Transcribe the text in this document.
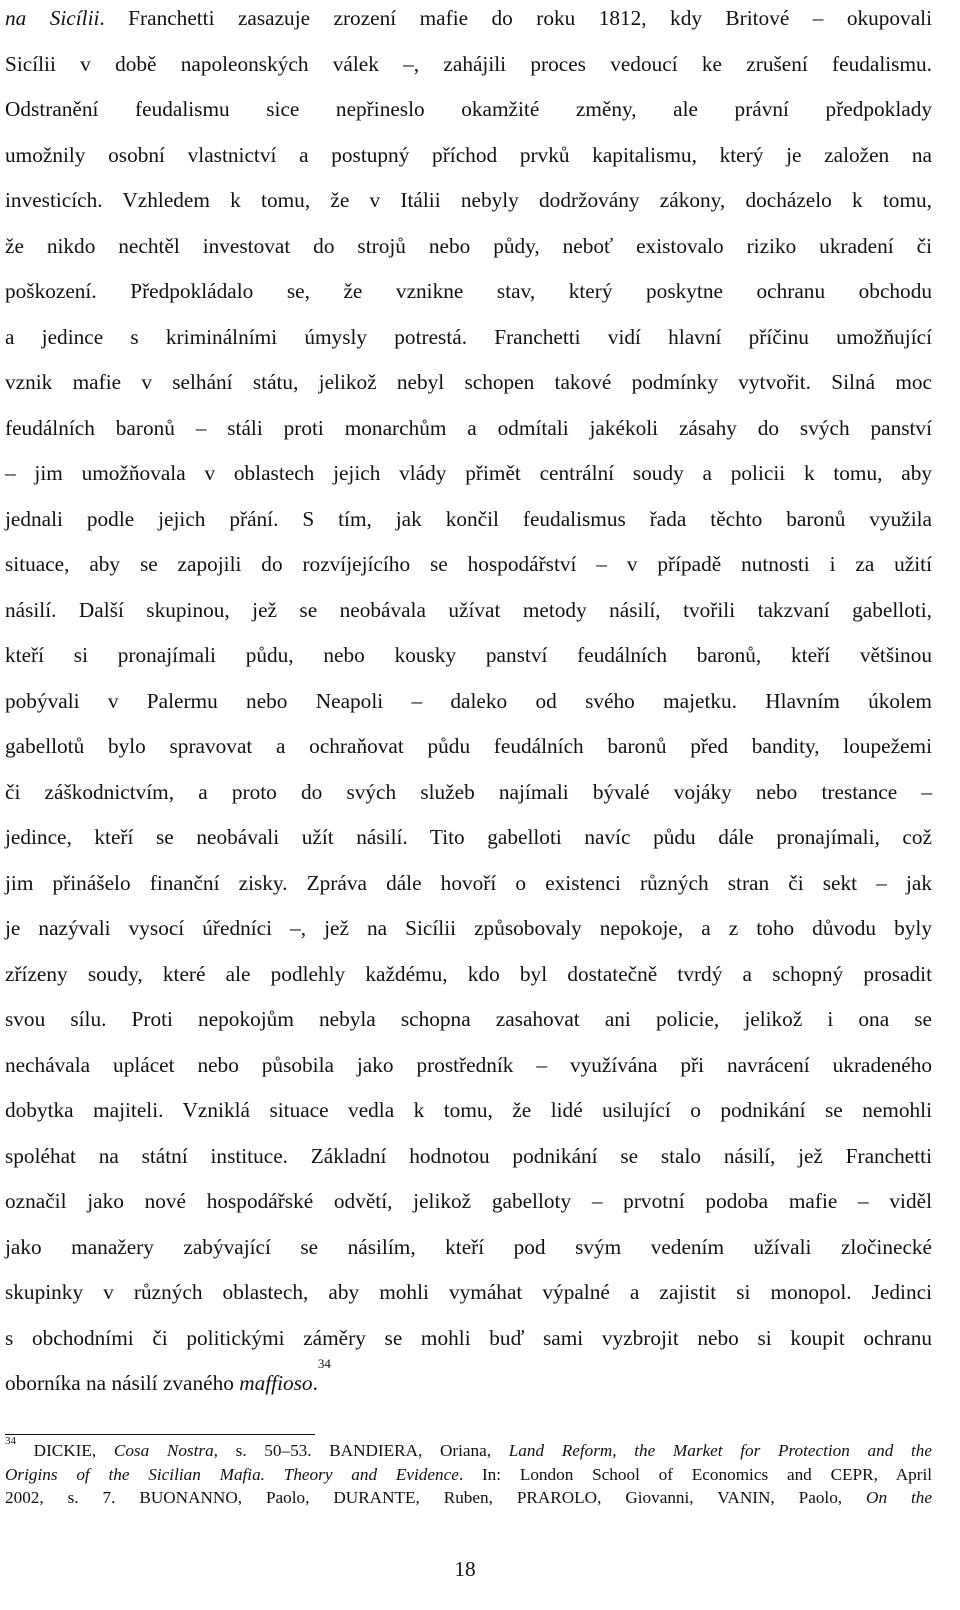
na Sicílii. Franchetti zasazuje zrození mafie do roku 1812, kdy Britové – okupovali
Sicílii v době napoleonských válek –, zahájili proces vedoucí ke zrušení feudalismu.
Odstranění feudalismu sice nepřineslo okamžité změny, ale právní předpoklady
umožnily osobní vlastnictví a postupný příchod prvků kapitalismu, který je založen na
investicích. Vzhledem k tomu, že v Itálii nebyly dodržovány zákony, docházelo k tomu,
že nikdo nechtěl investovat do strojů nebo půdy, neboť existovalo riziko ukradení či
poškození. Předpokládalo se, že vznikne stav, který poskytne ochranu obchodu
a jedince s kriminálními úmysly potrestá. Franchetti vidí hlavní příčinu umožňující
vznik mafie v selhání státu, jelikož nebyl schopen takové podmínky vytvořit. Silná moc
feudálních baronů – stáli proti monarchům a odmítali jakékoli zásahy do svých panství
– jim umožňovala v oblastech jejich vlády přimět centrální soudy a policii k tomu, aby
jednali podle jejich přání. S tím, jak končil feudalismus řada těchto baronů využila
situace, aby se zapojili do rozvíjejícího se hospodářství – v případě nutnosti i za užití
násilí. Další skupinou, jež se neobávala užívat metody násilí, tvořili takzvaní gabelloti,
kteří si pronajímali půdu, nebo kousky panství feudálních baronů, kteří většinou
pobývali v Palermu nebo Neapoli – daleko od svého majetku. Hlavním úkolem
gabellotů bylo spravovat a ochraňovat půdu feudálních baronů před bandity, loupežemi
či záškodnictvím, a proto do svých služeb najímali bývalé vojáky nebo trestance –
jedince, kteří se neobávali užít násilí. Tito gabelloti navíc půdu dále pronajímali, což
jim přinášelo finanční zisky. Zpráva dále hovoří o existenci různých stran či sekt – jak
je nazývali vysocí úředníci –, jež na Sicílii způsobovaly nepokoje, a z toho důvodu byly
zřízeny soudy, které ale podlehly každému, kdo byl dostatečně tvrdý a schopný prosadit
svou sílu. Proti nepokojům nebyla schopna zasahovat ani policie, jelikož i ona se
nechávala uplácet nebo působila jako prostředník – využívána při navrácení ukradeného
dobytka majiteli. Vzniklá situace vedla k tomu, že lidé usilující o podnikání se nemohli
spoléhat na státní instituce. Základní hodnotou podnikání se stalo násilí, jež Franchetti
označil jako nové hospodářské odvětí, jelikož gabelloty – prvotní podoba mafie – viděl
jako manažery zabývající se násilím, kteří pod svým vedením užívali zločinecké
skupinky v různých oblastech, aby mohli vymáhat výpalné a zajistit si monopol. Jedinci
s obchodními či politickými záměry se mohli buď sami vyzbrojit nebo si koupit ochranu
oborníka na násilí zvaného maffioso.$^{34}$
$^{34}$ DICKIE, Cosa Nostra, s. 50–53. BANDIERA, Oriana, Land Reform, the Market for Protection and the
Origins of the Sicilian Mafia. Theory and Evidence. In: London School of Economics and CEPR, April
2002, s. 7. BUONANNO, Paolo, DURANTE, Ruben, PRAROLO, Giovanni, VANIN, Paolo, On the
18
